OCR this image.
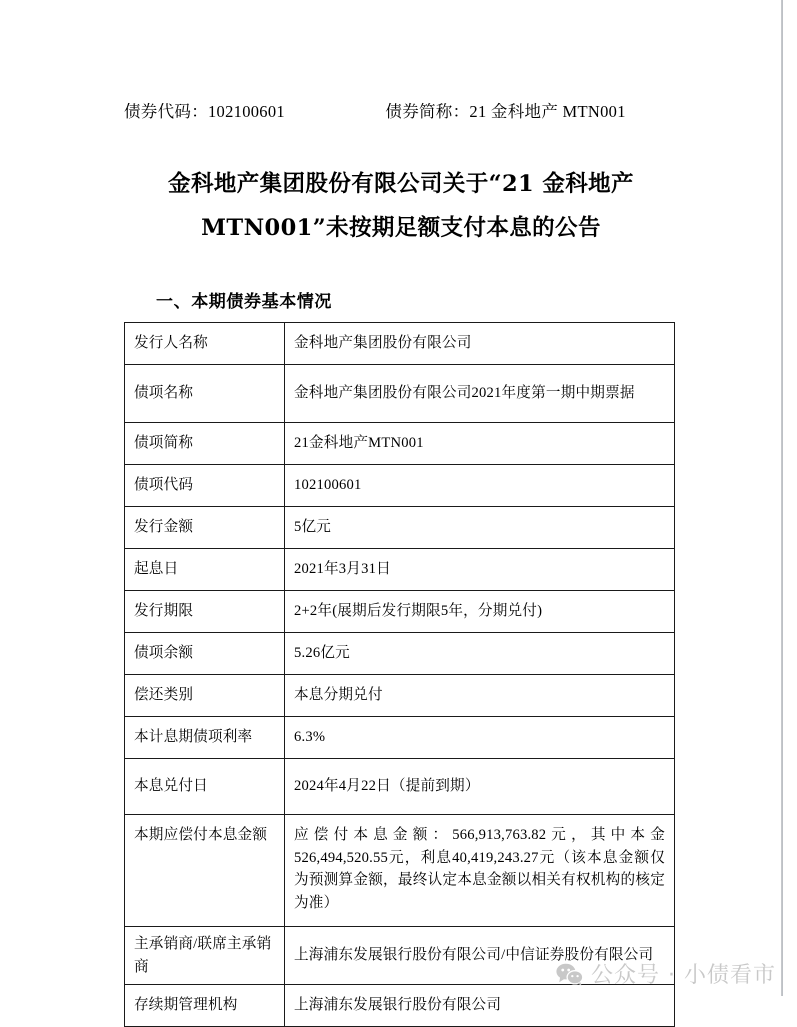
债券代码：102100601	债券简称：21 金科地产 MTN001
金科地产集团股份有限公司关于“21 金科地产
MTN001”未按期足额支付本息的公告
一、本期债券基本情况
发行人名称	金科地产集团股份有限公司
债项名称	金科地产集团股份有限公司2021年度第一期中期票据
债项简称	21金科地产MTN001
债项代码	102100601
发行金额	5亿元
起息日	2021年3月31日
发行期限	2+2年(展期后发行期限5年，分期兑付)
债项余额	5.26亿元
偿还类别	本息分期兑付
本计息期债项利率	6.3%
本息兑付日	2024年4月22日（提前到期）
本期应偿付本息金额	应偿付本息金额：566,913,763.82元，其中本金526,494,520.55元，利息40,419,243.27元（该本息金额仅为预测算金额，最终认定本息金额以相关有权机构的核定为准）
主承销商/联席主承销商	上海浦东发展银行股份有限公司/中信证券股份有限公司
存续期管理机构	上海浦东发展银行股份有限公司
公众号 · 小债看市
